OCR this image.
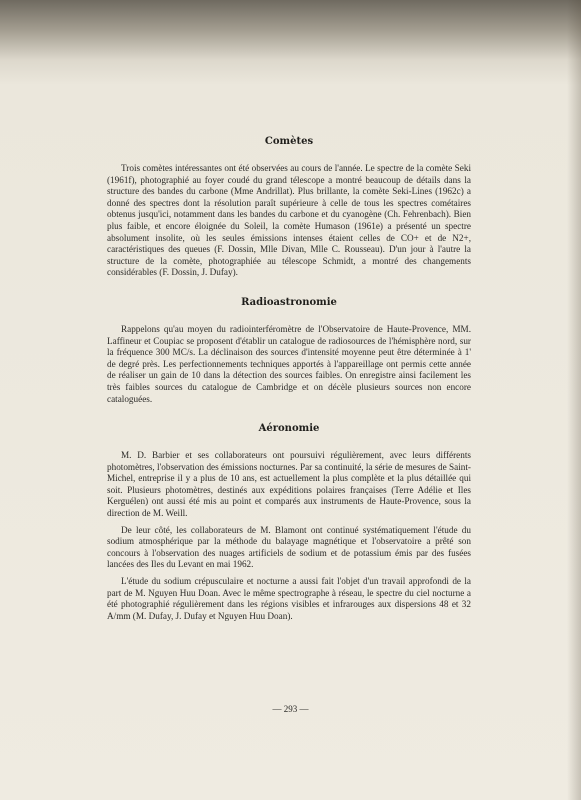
Comètes

Trois comètes intéressantes ont été observées au cours de l'année. Le spectre de la comète Seki (1961f), photographié au foyer coudé du grand télescope a montré beaucoup de détails dans la structure des bandes du carbone (Mme Andrillat). Plus brillante, la comète Seki-Lines (1962c) a donné des spectres dont la résolution paraît supérieure à celle de tous les spectres cométaires obtenus jusqu'ici, notamment dans les bandes du carbone et du cyanogène (Ch. Fehrenbach). Bien plus faible, et encore éloignée du Soleil, la comète Humason (1961e) a présenté un spectre absolument insolite, où les seules émissions intenses étaient celles de CO+ et de N2+, caractéristiques des queues (F. Dossin, Mlle Divan, Mlle C. Rousseau). D'un jour à l'autre la structure de la comète, photographiée au télescope Schmidt, a montré des changements considérables (F. Dossin, J. Dufay).

Radioastronomie

Rappelons qu'au moyen du radiointerféromètre de l'Observatoire de Haute-Provence, MM. Laffineur et Coupiac se proposent d'établir un catalogue de radiosources de l'hémisphère nord, sur la fréquence 300 MC/s. La déclinaison des sources d'intensité moyenne peut être déterminée à 1' de degré près. Les perfectionnements techniques apportés à l'appareillage ont permis cette année de réaliser un gain de 10 dans la détection des sources faibles. On enregistre ainsi facilement les très faibles sources du catalogue de Cambridge et on décèle plusieurs sources non encore cataloguées.

Aéronomie

M. D. Barbier et ses collaborateurs ont poursuivi régulièrement, avec leurs différents photomètres, l'observation des émissions nocturnes. Par sa continuité, la série de mesures de Saint-Michel, entreprise il y a plus de 10 ans, est actuellement la plus complète et la plus détaillée qui soit. Plusieurs photomètres, destinés aux expéditions polaires françaises (Terre Adélie et Iles Kerguélen) ont aussi été mis au point et comparés aux instruments de Haute-Provence, sous la direction de M. Weill.

De leur côté, les collaborateurs de M. Blamont ont continué systématiquement l'étude du sodium atmosphérique par la méthode du balayage magnétique et l'observatoire a prêté son concours à l'observation des nuages artificiels de sodium et de potassium émis par des fusées lancées des Iles du Levant en mai 1962.

L'étude du sodium crépusculaire et nocturne a aussi fait l'objet d'un travail approfondi de la part de M. Nguyen Huu Doan. Avec le même spectrographe à réseau, le spectre du ciel nocturne a été photographié régulièrement dans les régions visibles et infrarouges aux dispersions 48 et 32 A/mm (M. Dufay, J. Dufay et Nguyen Huu Doan).

— 293 —
